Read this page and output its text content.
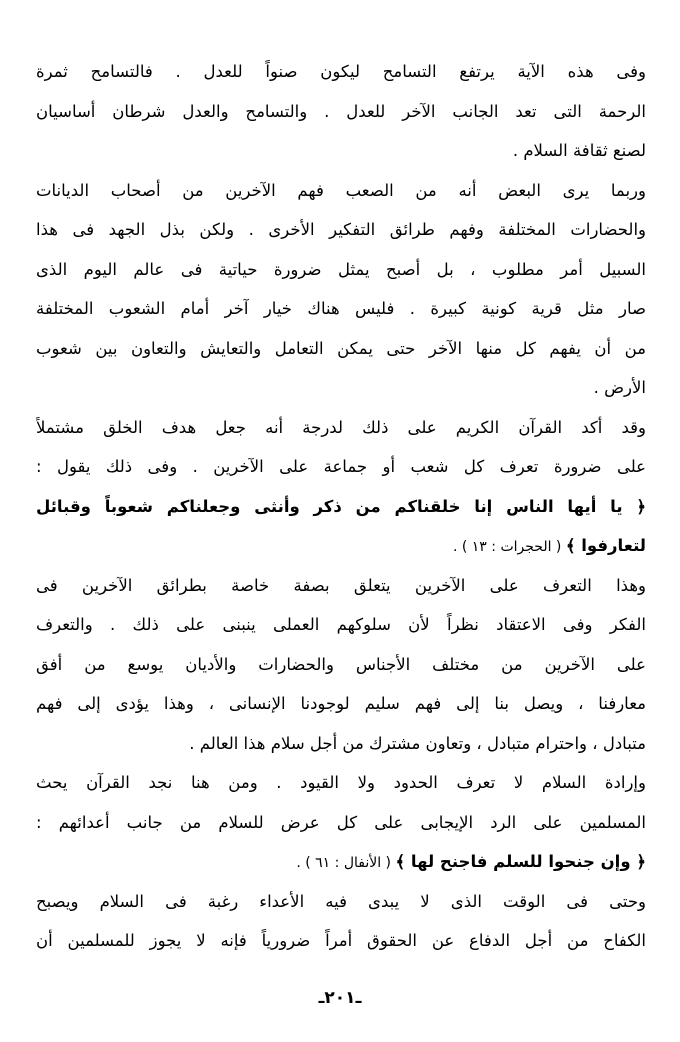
وفى هذه الآية يرتفع التسامح ليكون صنواً للعدل . فالتسامح ثمرة
الرحمة التى تعد الجانب الآخر للعدل . والتسامح والعدل شرطان أساسيان
لصنع ثقافة السلام .
وربما يرى البعض أنه من الصعب فهم الآخرين من أصحاب الديانات
والحضارات المختلفة وفهم طرائق التفكير الأخرى . ولكن بذل الجهد فى هذا
السبيل أمر مطلوب ، بل أصبح يمثل ضرورة حياتية فى عالم اليوم الذى
صار مثل قرية كونية كبيرة . فليس هناك خيار آخر أمام الشعوب المختلفة
من أن يفهم كل منها الآخر حتى يمكن التعامل والتعايش والتعاون بين شعوب
الأرض .
وقد أكد القرآن الكريم على ذلك لدرجة أنه جعل هدف الخلق مشتملاً
على ضرورة تعرف كل شعب أو جماعة على الآخرين . وفى ذلك يقول :
﴿ يا أيها الناس إنا خلقناكم من ذكر وأنثى وجعلناكم شعوباً وقبائل
لتعارفوا ﴾ ( الحجرات : ١٣ ) .
وهذا التعرف على الآخرين يتعلق بصفة خاصة بطرائق الآخرين فى
الفكر وفى الاعتقاد نظراً لأن سلوكهم العملى ينبنى على ذلك . والتعرف
على الآخرين من مختلف الأجناس والحضارات والأديان يوسع من أفق
معارفنا ، ويصل بنا إلى فهم سليم لوجودنا الإنسانى ، وهذا يؤدى إلى فهم
متبادل ، واحترام متبادل ، وتعاون مشترك من أجل سلام هذا العالم .
وإرادة السلام لا تعرف الحدود ولا القيود . ومن هنا نجد القرآن يحث
المسلمين على الرد الإيجابى على كل عرض للسلام من جانب أعدائهم :
﴿ وإن جنحوا للسلم فاجنح لها ﴾ ( الأنفال : ٦١ ) .
وحتى فى الوقت الذى لا يبدى فيه الأعداء رغبة فى السلام ويصبح
الكفاح من أجل الدفاع عن الحقوق أمراً ضرورياً فإنه لا يجوز للمسلمين أن
ـ٢٠١ـ
